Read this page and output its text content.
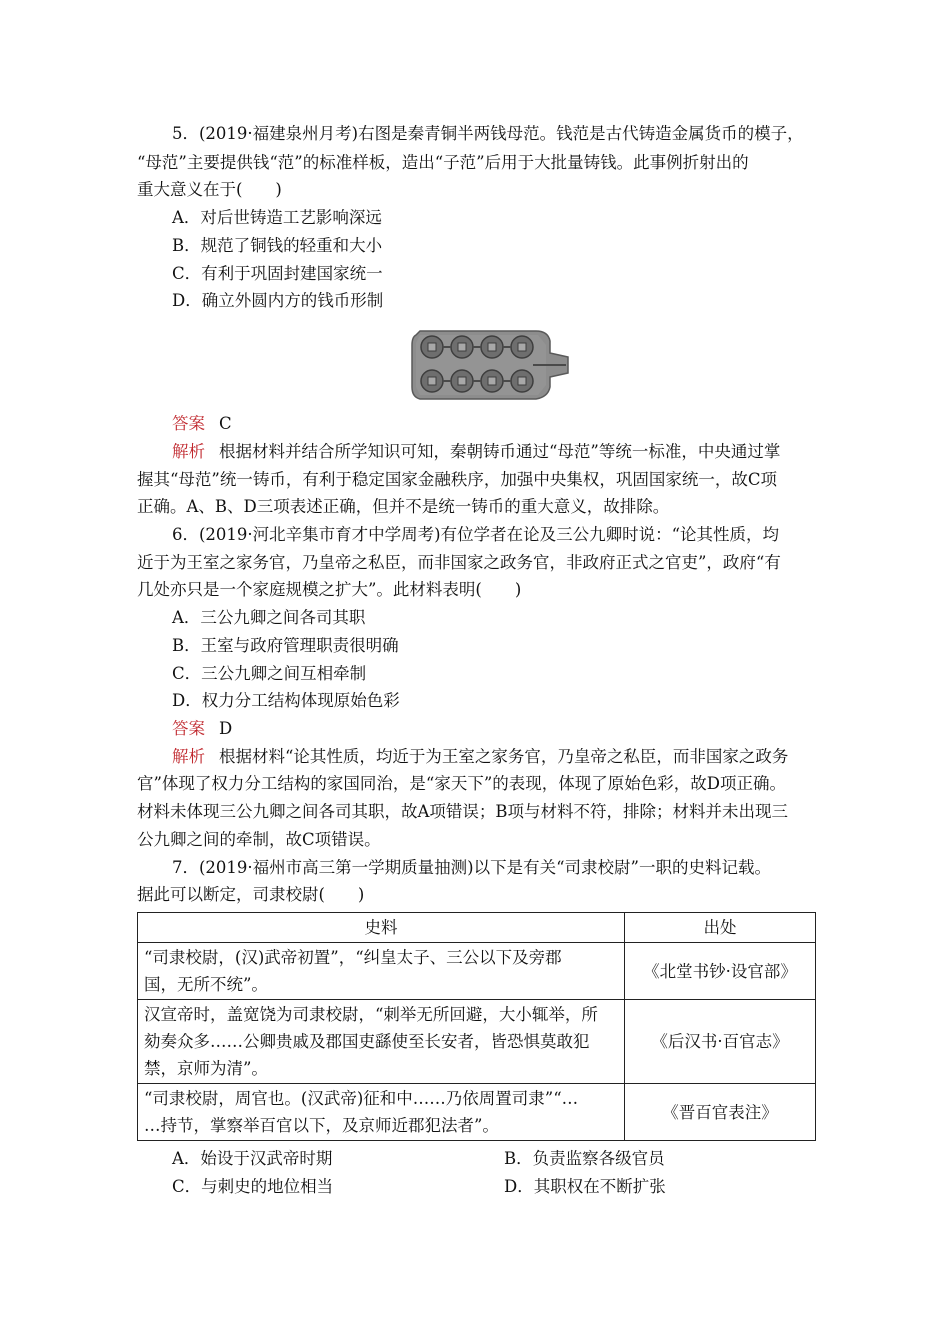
5．(2019·福建泉州月考)右图是秦青铜半两钱母范。钱范是古代铸造金属货币的模子，
“母范”主要提供钱“范”的标准样板，造出“子范”后用于大批量铸钱。此事例折射出的
重大意义在于(　　)
A．对后世铸造工艺影响深远
B．规范了铜钱的轻重和大小
C．有利于巩固封建国家统一
D．确立外圆内方的钱币形制
答案 C
解析 根据材料并结合所学知识可知，秦朝铸币通过“母范”等统一标准，中央通过掌
握其“母范”统一铸币，有利于稳定国家金融秩序，加强中央集权，巩固国家统一，故C项
正确。A、B、D三项表述正确，但并不是统一铸币的重大意义，故排除。
6．(2019·河北辛集市育才中学周考)有位学者在论及三公九卿时说：“论其性质，均
近于为王室之家务官，乃皇帝之私臣，而非国家之政务官，非政府正式之官吏”，政府“有
几处亦只是一个家庭规模之扩大”。此材料表明(　　)
A．三公九卿之间各司其职
B．王室与政府管理职责很明确
C．三公九卿之间互相牵制
D．权力分工结构体现原始色彩
答案 D
解析 根据材料“论其性质，均近于为王室之家务官，乃皇帝之私臣，而非国家之政务
官”体现了权力分工结构的家国同治，是“家天下”的表现，体现了原始色彩，故D项正确。
材料未体现三公九卿之间各司其职，故A项错误；B项与材料不符，排除；材料并未出现三
公九卿之间的牵制，故C项错误。
7．(2019·福州市高三第一学期质量抽测)以下是有关“司隶校尉”一职的史料记载。
据此可以断定，司隶校尉(　　)
史料	出处

“司隶校尉，(汉)武帝初置”，“纠皇太子、三公以下及旁郡
国，无所不统”。	《北堂书钞·设官部》

汉宣帝时，盖宽饶为司隶校尉，“刺举无所回避，大小辄举，所
劾奏众多……公卿贵戚及郡国吏繇使至长安者，皆恐惧莫敢犯
禁，京师为清”。	《后汉书·百官志》

“司隶校尉，周官也。(汉武帝)征和中……乃依周置司隶”“…
…持节，掌察举百官以下，及京师近郡犯法者”。	《晋百官表注》
A．始设于汉武帝时期	B．负责监察各级官员
C．与刺史的地位相当	D．其职权在不断扩张
